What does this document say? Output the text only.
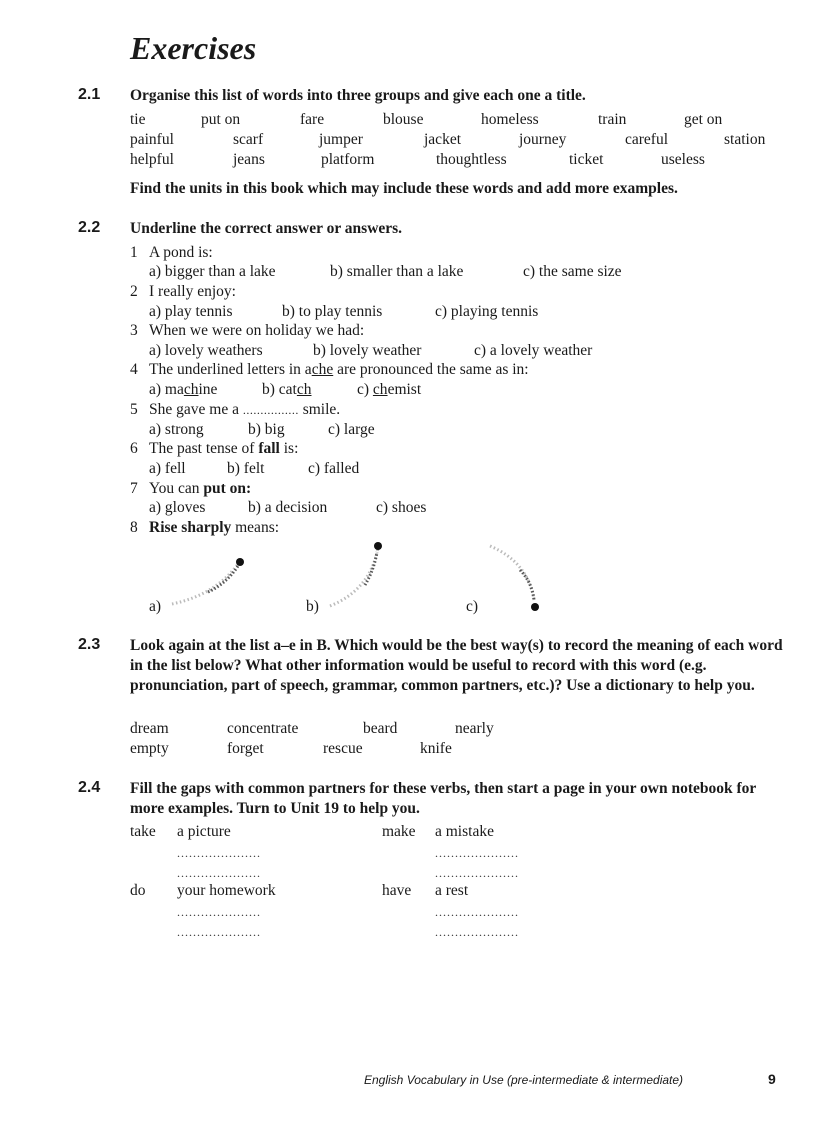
Exercises
2.1 Organise this list of words into three groups and give each one a title.
tie	put on	fare	blouse	homeless	train	get on
painful	scarf	jumper	jacket	journey	careful	station
helpful	jeans	platform	thoughtless	ticket	useless
Find the units in this book which may include these words and add more examples.
2.2 Underline the correct answer or answers.
1 A pond is:
a) bigger than a lake	b) smaller than a lake	c) the same size
2 I really enjoy:
a) play tennis	b) to play tennis	c) playing tennis
3 When we were on holiday we had:
a) lovely weathers	b) lovely weather	c) a lovely weather
4 The underlined letters in ache are pronounced the same as in:
a) machine	b) catch	c) chemist
5 She gave me a ................ smile.
a) strong	b) big	c) large
6 The past tense of fall is:
a) fell	b) felt	c) falled
7 You can put on:
a) gloves	b) a decision	c) shoes
8 Rise sharply means:
a)	b)	c)
2.3 Look again at the list a–e in B. Which would be the best way(s) to record the meaning of each word in the list below? What other information would be useful to record with this word (e.g. pronunciation, part of speech, grammar, common partners, etc.)? Use a dictionary to help you.
dream	concentrate	beard	nearly
empty	forget	rescue	knife
2.4 Fill the gaps with common partners for these verbs, then start a page in your own notebook for more examples. Turn to Unit 19 to help you.
take a picture	make a mistake
.....................	.....................
.....................	.....................
do your homework	have a rest
.....................	.....................
.....................	.....................
English Vocabulary in Use (pre-intermediate & intermediate)	9
